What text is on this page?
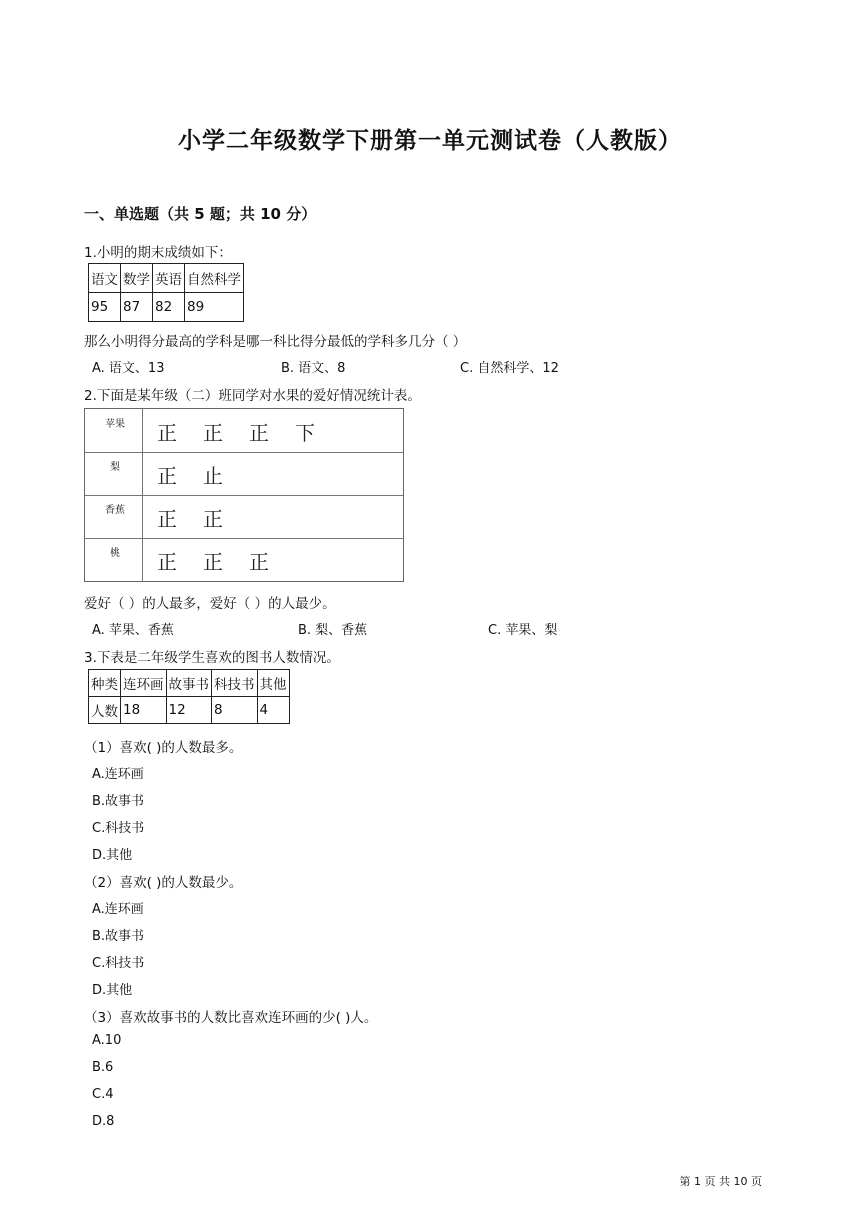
小学二年级数学下册第一单元测试卷（人教版）
一、单选题（共 5 题；共 10 分）
1.小明的期末成绩如下：
语文	数学	英语	自然科学
95	87	82	89
那么小明得分最高的学科是哪一科比得分最低的学科多几分（ ）
A. 语文、13	B. 语文、8	C. 自然科学、12
2.下面是某年级（二）班同学对水果的爱好情况统计表。
苹果	正正正下
梨	正止
香蕉	正正
桃	正正正
爱好（ ）的人最多，爱好（ ）的人最少。
A. 苹果、香蕉	B. 梨、香蕉	C. 苹果、梨
3.下表是二年级学生喜欢的图书人数情况。
种类	连环画	故事书	科技书	其他
人数	18	12	8	4
（1）喜欢( )的人数最多。
A.连环画
B.故事书
C.科技书
D.其他
（2）喜欢( )的人数最少。
A.连环画
B.故事书
C.科技书
D.其他
（3）喜欢故事书的人数比喜欢连环画的少( )人。
A.10
B.6
C.4
D.8
第 1 页 共 10 页
